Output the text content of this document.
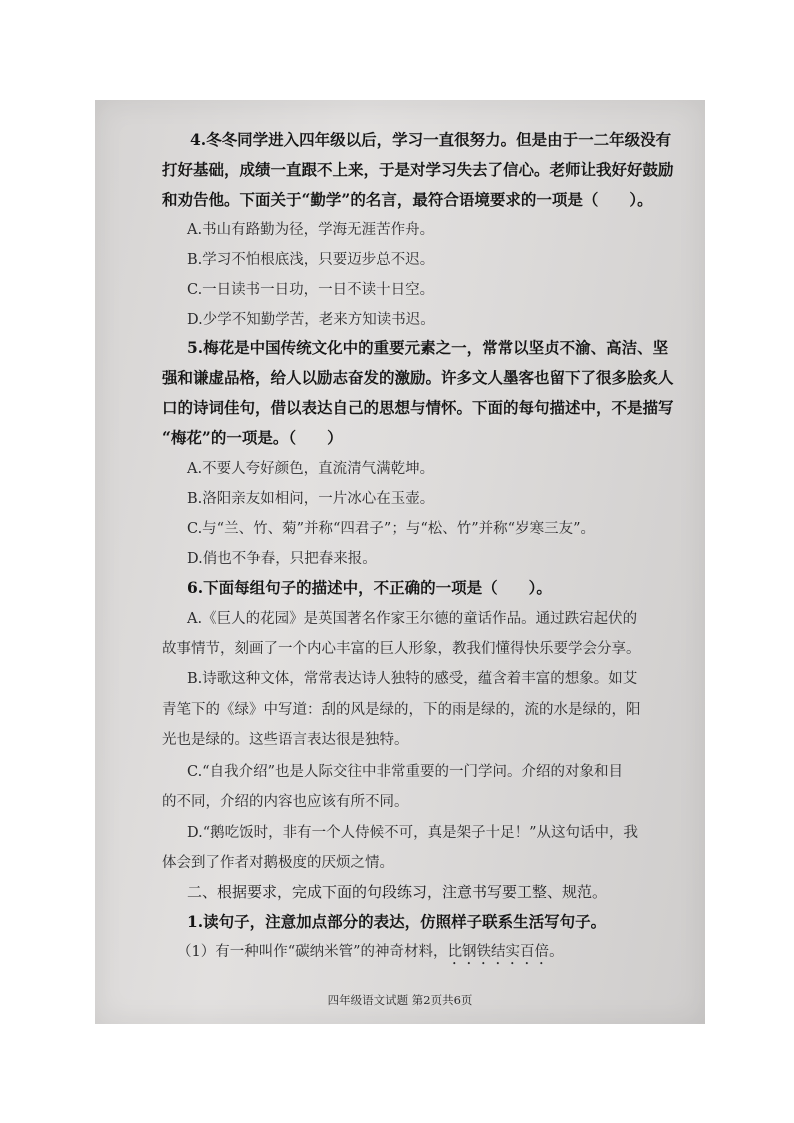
4.冬冬同学进入四年级以后，学习一直很努力。但是由于一二年级没有
打好基础，成绩一直跟不上来，于是对学习失去了信心。老师让我好好鼓励
和劝告他。下面关于“勤学”的名言，最符合语境要求的一项是（　　）。
A.书山有路勤为径，学海无涯苦作舟。
B.学习不怕根底浅，只要迈步总不迟。
C.一日读书一日功，一日不读十日空。
D.少学不知勤学苦，老来方知读书迟。
5.梅花是中国传统文化中的重要元素之一，常常以坚贞不渝、高洁、坚
强和谦虚品格，给人以励志奋发的激励。许多文人墨客也留下了很多脍炙人
口的诗词佳句，借以表达自己的思想与情怀。下面的每句描述中，不是描写
“梅花”的一项是。（　　）
A.不要人夸好颜色，直流清气满乾坤。
B.洛阳亲友如相问，一片冰心在玉壶。
C.与“兰、竹、菊”并称“四君子”；与“松、竹”并称“岁寒三友”。
D.俏也不争春，只把春来报。
6.下面每组句子的描述中，不正确的一项是（　　）。
A.《巨人的花园》是英国著名作家王尔德的童话作品。通过跌宕起伏的
故事情节，刻画了一个内心丰富的巨人形象，教我们懂得快乐要学会分享。
B.诗歌这种文体，常常表达诗人独特的感受，蕴含着丰富的想象。如艾
青笔下的《绿》中写道：刮的风是绿的，下的雨是绿的，流的水是绿的，阳
光也是绿的。这些语言表达很是独特。
C.“自我介绍”也是人际交往中非常重要的一门学问。介绍的对象和目
的不同，介绍的内容也应该有所不同。
D.“鹅吃饭时，非有一个人侍候不可，真是架子十足！”从这句话中，我
体会到了作者对鹅极度的厌烦之情。
二、根据要求，完成下面的句段练习，注意书写要工整、规范。
1.读句子，注意加点部分的表达，仿照样子联系生活写句子。
（1）有一种叫作“碳纳米管”的神奇材料，比钢铁结实百倍。
四年级语文试题 第2页共6页
